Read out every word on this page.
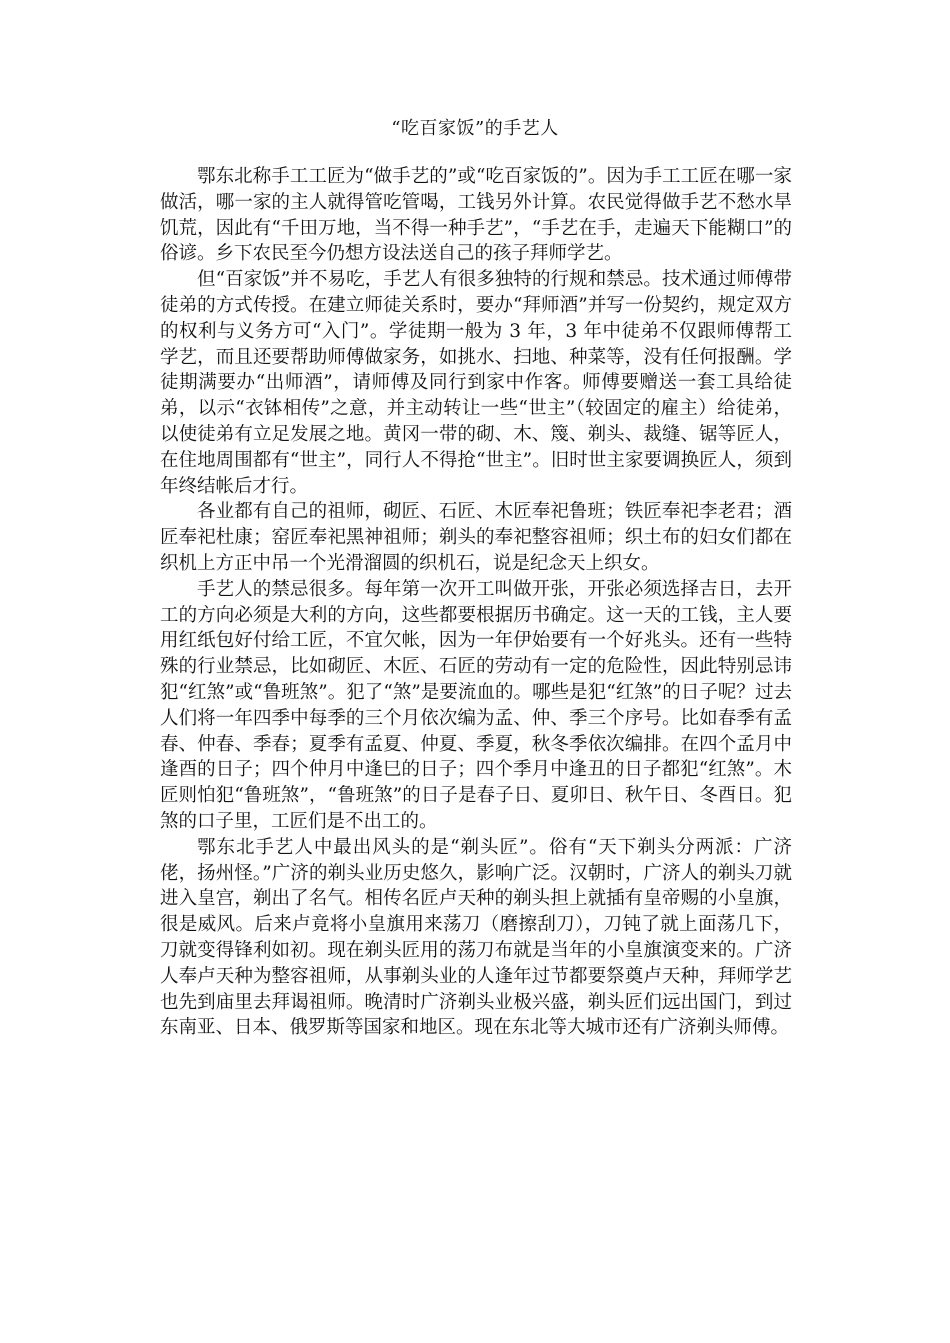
“吃百家饭”的手艺人

鄂东北称手工工匠为“做手艺的”或“吃百家饭的”。因为手工工匠在哪一家做活，哪一家的主人就得管吃管喝，工钱另外计算。农民觉得做手艺不愁水旱饥荒，因此有“千田万地，当不得一种手艺”，“手艺在手，走遍天下能糊口”的俗谚。乡下农民至今仍想方设法送自己的孩子拜师学艺。

但“百家饭”并不易吃，手艺人有很多独特的行规和禁忌。技术通过师傅带徒弟的方式传授。在建立师徒关系时，要办“拜师酒”并写一份契约，规定双方的权利与义务方可“入门”。学徒期一般为 3 年，3 年中徒弟不仅跟师傅帮工学艺，而且还要帮助师傅做家务，如挑水、扫地、种菜等，没有任何报酬。学徒期满要办“出师酒”，请师傅及同行到家中作客。师傅要赠送一套工具给徒弟，以示“衣钵相传”之意，并主动转让一些“世主”（较固定的雇主）给徒弟，以使徒弟有立足发展之地。黄冈一带的砌、木、篾、剃头、裁缝、锯等匠人，在住地周围都有“世主”，同行人不得抢“世主”。旧时世主家要调换匠人，须到年终结帐后才行。

各业都有自己的祖师，砌匠、石匠、木匠奉祀鲁班；铁匠奉祀李老君；酒匠奉祀杜康；窑匠奉祀黑神祖师；剃头的奉祀整容祖师；织土布的妇女们都在织机上方正中吊一个光滑溜圆的织机石，说是纪念天上织女。

手艺人的禁忌很多。每年第一次开工叫做开张，开张必须选择吉日，去开工的方向必须是大利的方向，这些都要根据历书确定。这一天的工钱，主人要用红纸包好付给工匠，不宜欠帐，因为一年伊始要有一个好兆头。还有一些特殊的行业禁忌，比如砌匠、木匠、石匠的劳动有一定的危险性，因此特别忌讳犯“红煞”或“鲁班煞”。犯了“煞”是要流血的。哪些是犯“红煞”的日子呢？过去人们将一年四季中每季的三个月依次编为孟、仲、季三个序号。比如春季有孟春、仲春、季春；夏季有孟夏、仲夏、季夏，秋冬季依次编排。在四个孟月中逢酉的日子；四个仲月中逢巳的日子；四个季月中逢丑的日子都犯“红煞”。木匠则怕犯“鲁班煞”，“鲁班煞”的日子是春子日、夏卯日、秋午日、冬酉日。犯煞的口子里，工匠们是不出工的。

鄂东北手艺人中最出风头的是“剃头匠”。俗有“天下剃头分两派：广济佬，扬州怪。”广济的剃头业历史悠久，影响广泛。汉朝时，广济人的剃头刀就进入皇宫，剃出了名气。相传名匠卢天种的剃头担上就插有皇帝赐的小皇旗，很是威风。后来卢竟将小皇旗用来荡刀（磨擦刮刀），刀钝了就上面荡几下，刀就变得锋利如初。现在剃头匠用的荡刀布就是当年的小皇旗演变来的。广济人奉卢天种为整容祖师，从事剃头业的人逢年过节都要祭奠卢天种，拜师学艺也先到庙里去拜谒祖师。晚清时广济剃头业极兴盛，剃头匠们远出国门，到过东南亚、日本、俄罗斯等国家和地区。现在东北等大城市还有广济剃头师傅。
